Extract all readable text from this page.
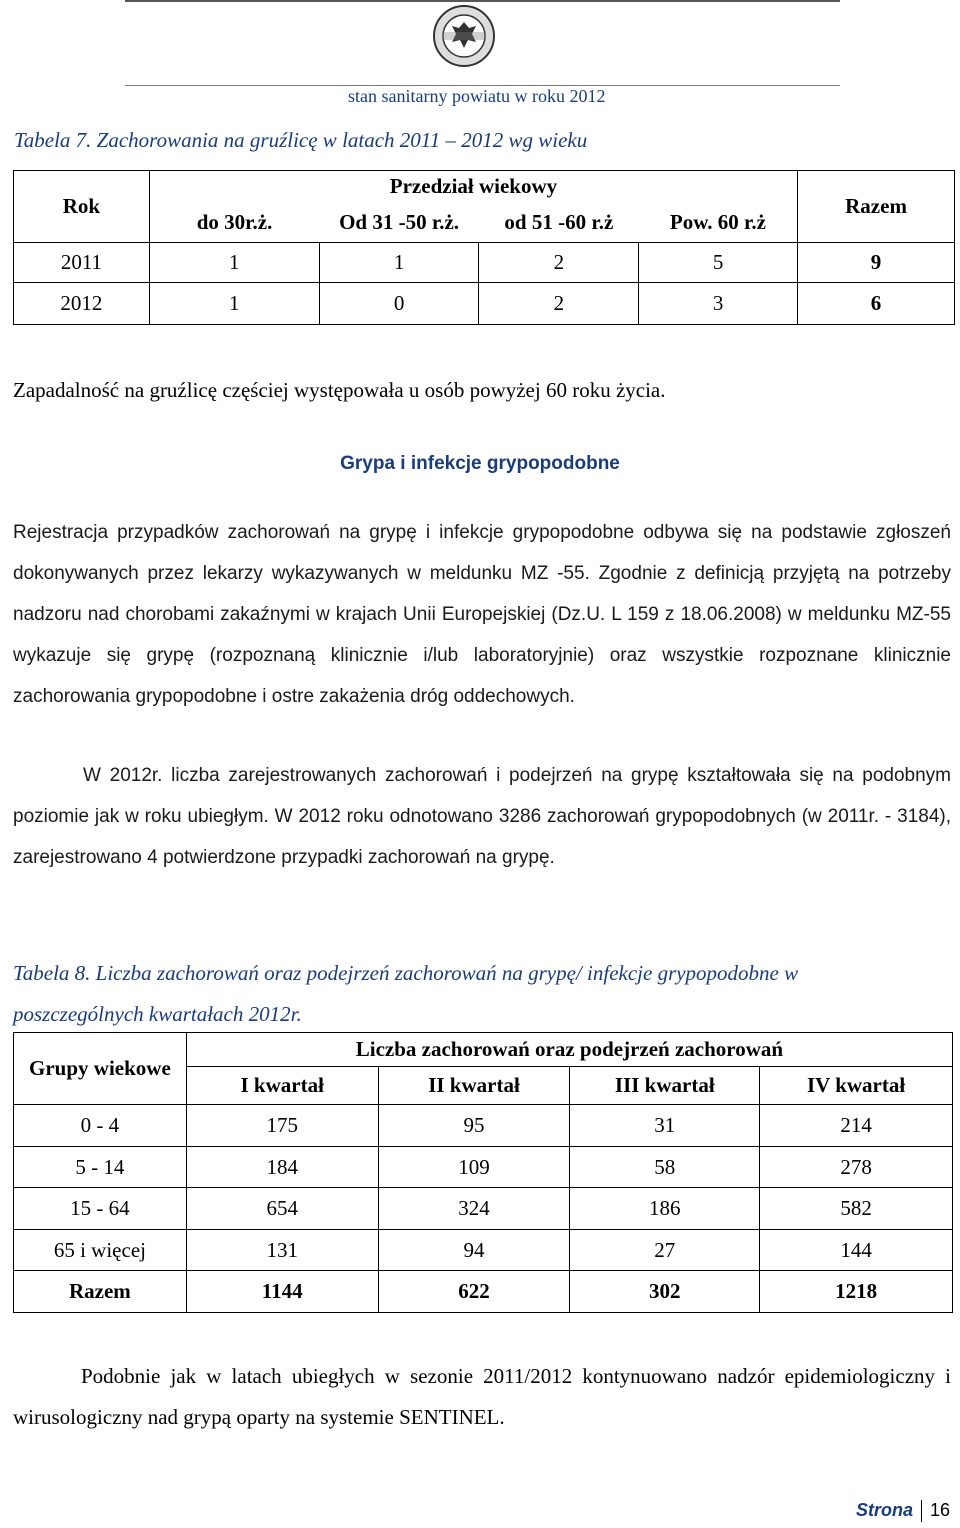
stan sanitarny powiatu w roku 2012
Tabela 7. Zachorowania na gruźlicę w latach 2011 – 2012 wg wieku
Rok	Przedział wiekowy				Razem
	do 30r.ż.	Od 31 -50 r.ż.	od 51 -60 r.ż	Pow. 60 r.ż	
2011	1	1	2	5	9
2012	1	0	2	3	6
Zapadalność na gruźlicę częściej występowała u osób powyżej 60 roku życia.
Grypa i infekcje grypopodobne
Rejestracja przypadków zachorowań na grypę i infekcje grypopodobne odbywa się na podstawie zgłoszeń dokonywanych przez lekarzy wykazywanych w meldunku MZ -55. Zgodnie z definicją przyjętą na potrzeby nadzoru nad chorobami zakaźnymi w krajach Unii Europejskiej (Dz.U. L 159 z 18.06.2008) w meldunku MZ-55 wykazuje się grypę (rozpoznaną klinicznie i/lub laboratoryjnie) oraz wszystkie rozpoznane klinicznie zachorowania grypopodobne i ostre zakażenia dróg oddechowych.
W 2012r. liczba zarejestrowanych zachorowań i podejrzeń na grypę kształtowała się na podobnym poziomie jak w roku ubiegłym. W 2012 roku odnotowano 3286 zachorowań grypopodobnych (w 2011r. - 3184), zarejestrowano 4 potwierdzone przypadki zachorowań na grypę.
Tabela 8. Liczba zachorowań oraz podejrzeń zachorowań na grypę/ infekcje grypopodobne w poszczególnych kwartałach 2012r.
Grupy wiekowe	Liczba zachorowań oraz podejrzeń zachorowań			
	I kwartał	II kwartał	III kwartał	IV kwartał
0 - 4	175	95	31	214
5 - 14	184	109	58	278
15 - 64	654	324	186	582
65 i więcej	131	94	27	144
Razem	1144	622	302	1218
Podobnie jak w latach ubiegłych w sezonie 2011/2012 kontynuowano nadzór epidemiologiczny i wirusologiczny nad grypą oparty na systemie SENTINEL.
Strona 16
